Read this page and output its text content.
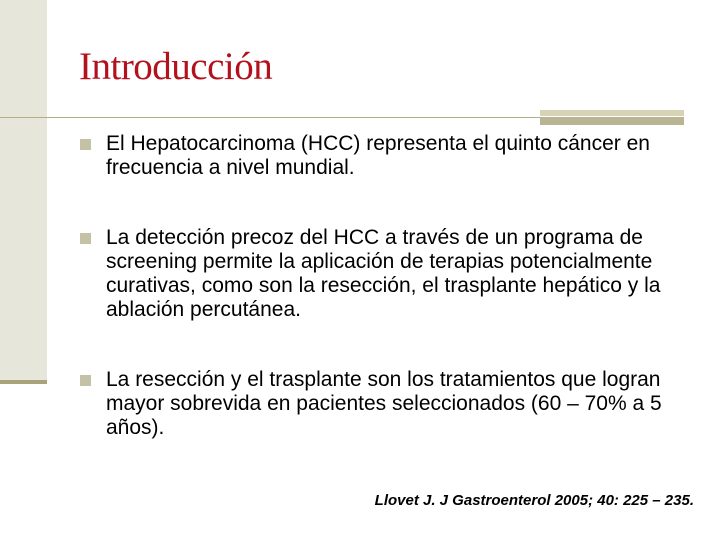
Introducción
El Hepatocarcinoma (HCC) representa el quinto cáncer en frecuencia a nivel mundial.
La detección precoz del HCC a través de un programa de screening permite la aplicación de terapias potencialmente curativas, como son la resección, el trasplante hepático y la ablación percutánea.
La resección y el trasplante son los tratamientos que logran mayor sobrevida en pacientes seleccionados (60 – 70% a 5 años).

Llovet J. J Gastroenterol 2005; 40: 225 – 235.
